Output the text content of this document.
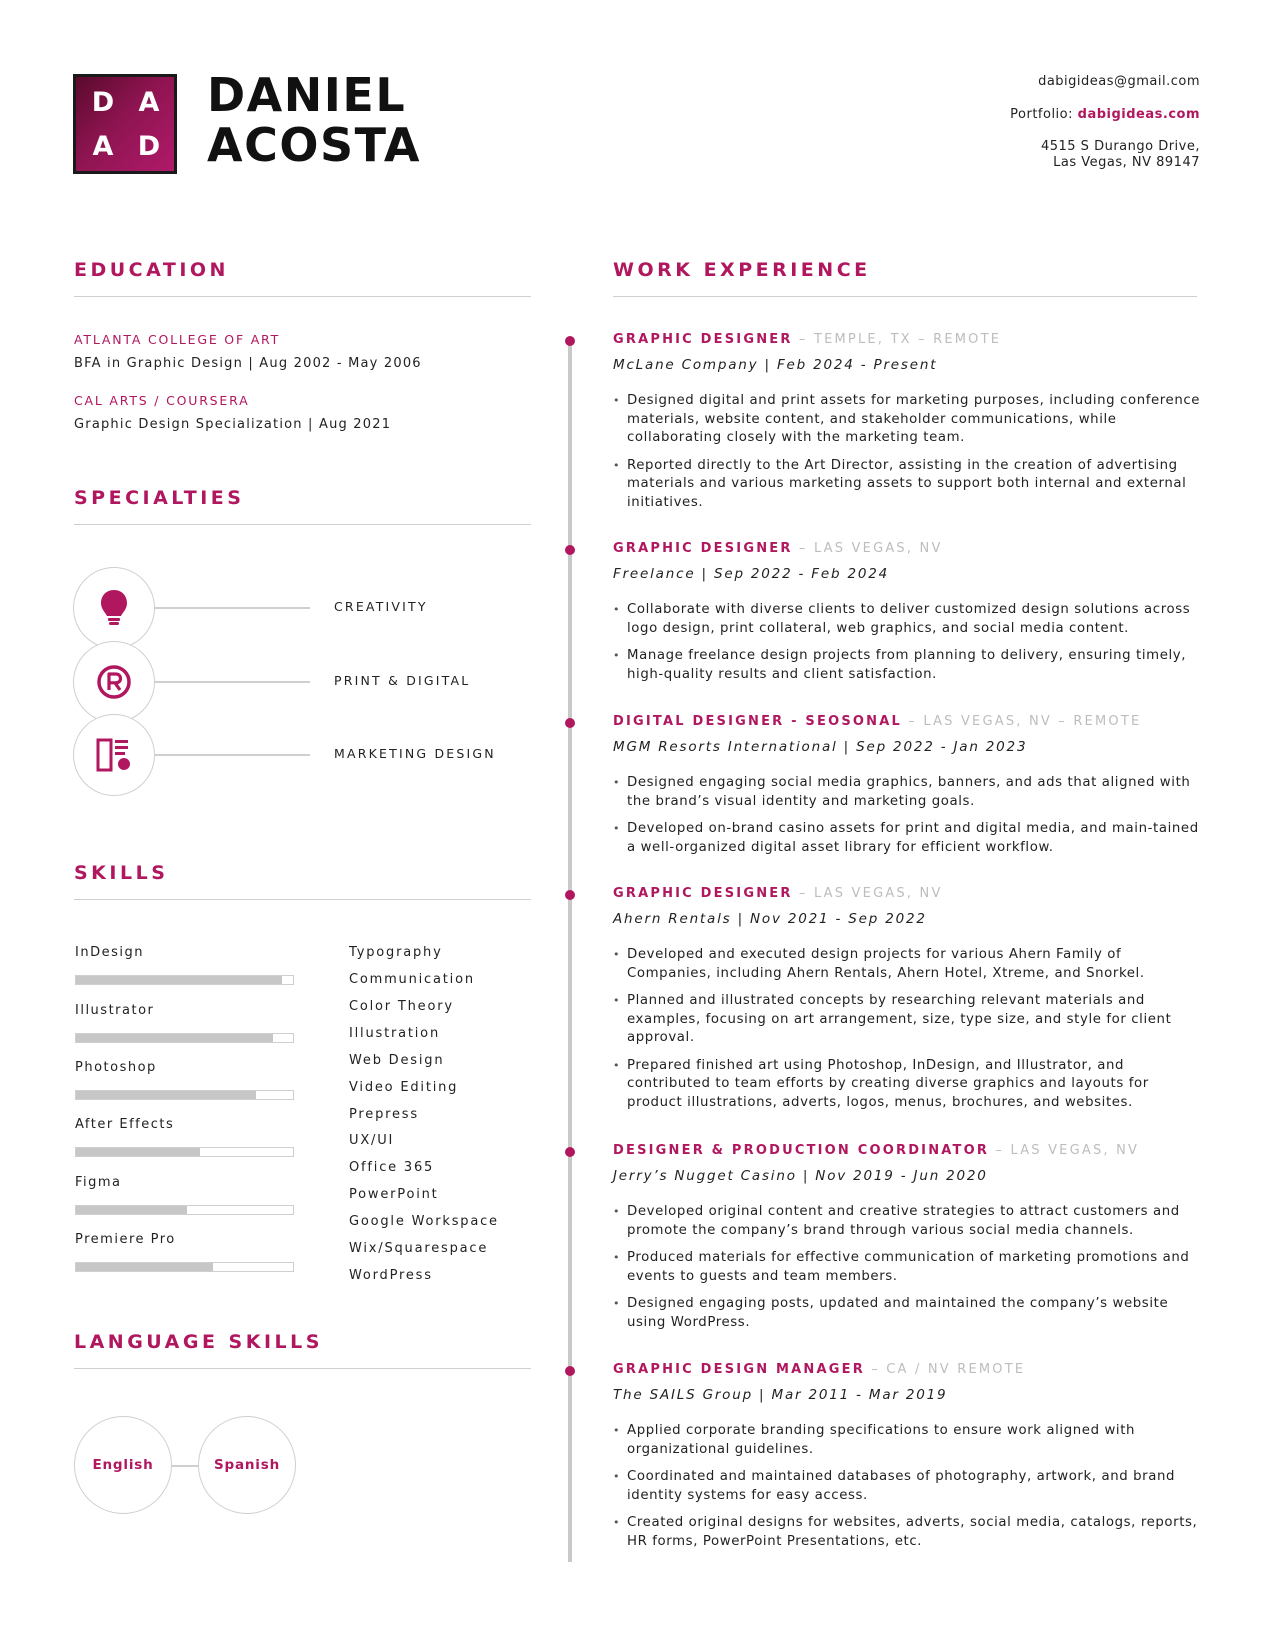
D A
A D
DANIEL
ACOSTA
dabigideas@gmail.com
Portfolio: dabigideas.com
4515 S Durango Drive,
Las Vegas, NV 89147
EDUCATION
ATLANTA COLLEGE OF ART
BFA in Graphic Design | Aug 2002 - May 2006
CAL ARTS / COURSERA
Graphic Design Specialization | Aug 2021
SPECIALTIES
CREATIVITY
PRINT & DIGITAL
MARKETING DESIGN
SKILLS
InDesign
Illustrator
Photoshop
After Effects
Figma
Premiere Pro
Typography
Communication
Color Theory
Illustration
Web Design
Video Editing
Prepress
UX/UI
Office 365
PowerPoint
Google Workspace
Wix/Squarespace
WordPress
LANGUAGE SKILLS
English	Spanish
WORK EXPERIENCE
GRAPHIC DESIGNER – TEMPLE, TX – REMOTE
McLane Company | Feb 2024 - Present
• Designed digital and print assets for marketing purposes, including conference materials, website content, and stakeholder communications, while collaborating closely with the marketing team.
• Reported directly to the Art Director, assisting in the creation of advertising materials and various marketing assets to support both internal and external initiatives.
GRAPHIC DESIGNER – LAS VEGAS, NV
Freelance | Sep 2022 - Feb 2024
• Collaborate with diverse clients to deliver customized design solutions across logo design, print collateral, web graphics, and social media content.
• Manage freelance design projects from planning to delivery, ensuring timely, high-quality results and client satisfaction.
DIGITAL DESIGNER - SEOSONAL – LAS VEGAS, NV – REMOTE
MGM Resorts International | Sep 2022 - Jan 2023
• Designed engaging social media graphics, banners, and ads that aligned with the brand’s visual identity and marketing goals.
• Developed on-brand casino assets for print and digital media, and main-tained a well-organized digital asset library for efficient workflow.
GRAPHIC DESIGNER – LAS VEGAS, NV
Ahern Rentals | Nov 2021 - Sep 2022
• Developed and executed design projects for various Ahern Family of Companies, including Ahern Rentals, Ahern Hotel, Xtreme, and Snorkel.
• Planned and illustrated concepts by researching relevant materials and examples, focusing on art arrangement, size, type size, and style for client approval.
• Prepared finished art using Photoshop, InDesign, and Illustrator, and contributed to team efforts by creating diverse graphics and layouts for product illustrations, adverts, logos, menus, brochures, and websites.
DESIGNER & PRODUCTION COORDINATOR – LAS VEGAS, NV
Jerry’s Nugget Casino | Nov 2019 - Jun 2020
• Developed original content and creative strategies to attract customers and promote the company’s brand through various social media channels.
• Produced materials for effective communication of marketing promotions and events to guests and team members.
• Designed engaging posts, updated and maintained the company’s website using WordPress.
GRAPHIC DESIGN MANAGER – CA / NV REMOTE
The SAILS Group | Mar 2011 - Mar 2019
• Applied corporate branding specifications to ensure work aligned with organizational guidelines.
• Coordinated and maintained databases of photography, artwork, and brand identity systems for easy access.
• Created original designs for websites, adverts, social media, catalogs, reports, HR forms, PowerPoint Presentations, etc.
